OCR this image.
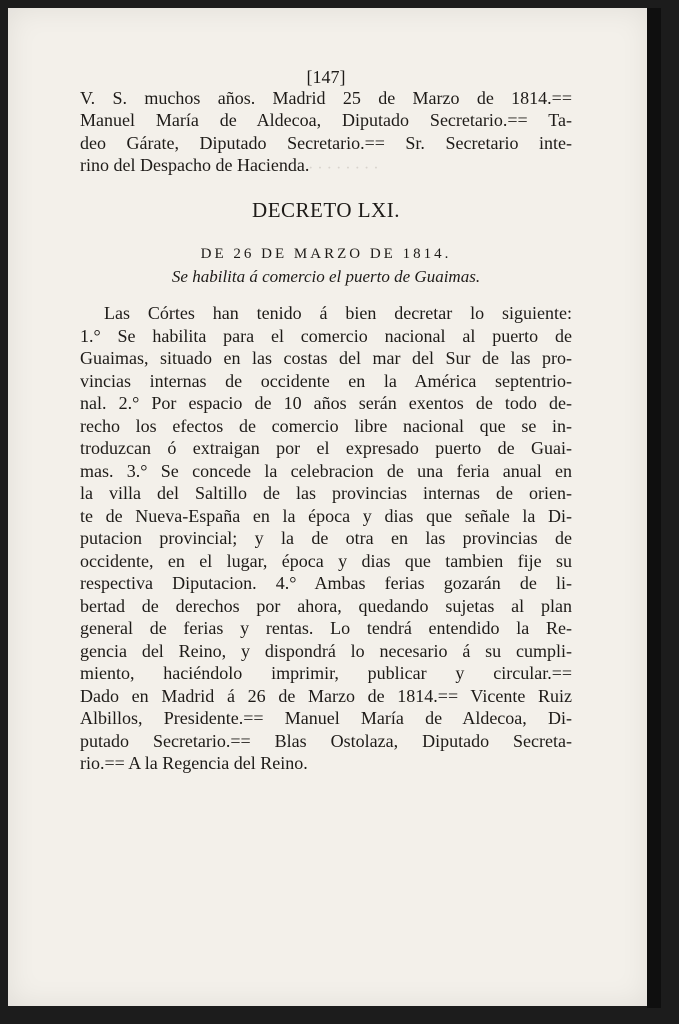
· · · · · · · ·
[147]
V. S. muchos años. Madrid 25 de Marzo de 1814.==
Manuel María de Aldecoa, Diputado Secretario.== Ta-
deo Gárate, Diputado Secretario.== Sr. Secretario inte-
rino del Despacho de Hacienda.
DECRETO LXI.
DE 26 DE MARZO DE 1814.
Se habilita á comercio el puerto de Guaimas.
Las Córtes han tenido á bien decretar lo siguiente:
1.° Se habilita para el comercio nacional al puerto de
Guaimas, situado en las costas del mar del Sur de las pro-
vincias internas de occidente en la América septentrio-
nal. 2.° Por espacio de 10 años serán exentos de todo de-
recho los efectos de comercio libre nacional que se in-
troduzcan ó extraigan por el expresado puerto de Guai-
mas. 3.° Se concede la celebracion de una feria anual en
la villa del Saltillo de las provincias internas de orien-
te de Nueva-España en la época y dias que señale la Di-
putacion provincial; y la de otra en las provincias de
occidente, en el lugar, época y dias que tambien fije su
respectiva Diputacion. 4.° Ambas ferias gozarán de li-
bertad de derechos por ahora, quedando sujetas al plan
general de ferias y rentas. Lo tendrá entendido la Re-
gencia del Reino, y dispondrá lo necesario á su cumpli-
miento, haciéndolo imprimir, publicar y circular.==
Dado en Madrid á 26 de Marzo de 1814.== Vicente Ruiz
Albillos, Presidente.== Manuel María de Aldecoa, Di-
putado Secretario.== Blas Ostolaza, Diputado Secreta-
rio.== A la Regencia del Reino.
